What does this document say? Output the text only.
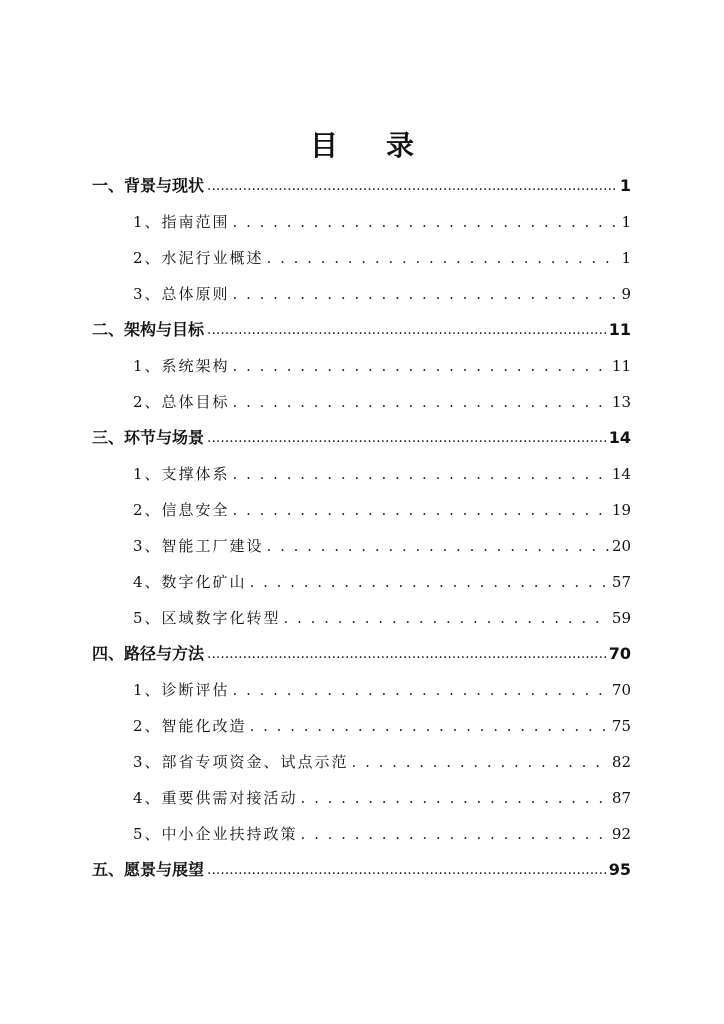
目 录
一、背景与现状 .....	1
1、指南范围 . . .	1
2、水泥行业概述 . . .	1
3、总体原则 . . .	9
二、架构与目标 .....	11
1、系统架构 . . .	11
2、总体目标 . . .	13
三、环节与场景 .....	14
1、支撑体系 . . .	14
2、信息安全 . . .	19
3、智能工厂建设 . . .	20
4、数字化矿山 . . .	57
5、区域数字化转型 . . .	59
四、路径与方法 .....	70
1、诊断评估 . . .	70
2、智能化改造 . . .	75
3、部省专项资金、试点示范 . . .	82
4、重要供需对接活动 . . .	87
5、中小企业扶持政策 . . .	92
五、愿景与展望 .....	95
